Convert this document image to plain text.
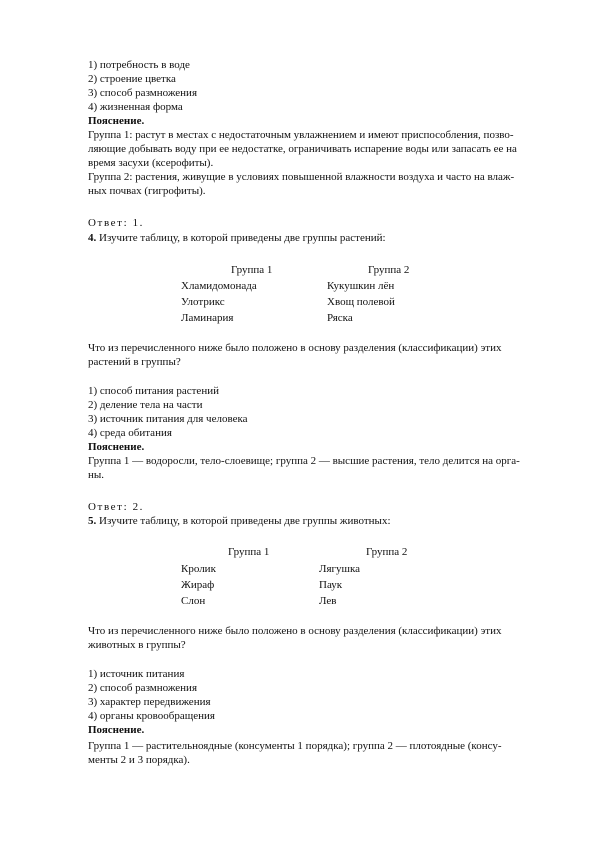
1) потребность в воде
2) строение цветка
3) способ размножения
4) жизненная форма
Пояснение.
Группа 1: растут в местах с недостаточным увлажнением и имеют приспособления, позво-
ляющие добывать воду при ее недостатке, ограничивать испарение воды или запасать ее на
время засухи (ксерофиты).
Группа 2: растения, живущие в условиях повышенной влажности воздуха и часто на влаж-
ных почвах (гигрофиты).
Ответ: 1.
4. Изучите таблицу, в которой приведены две группы растений:
Группа 1	Группа 2
Хламидомонада	Кукушкин лён
Улотрикс	Хвощ полевой
Ламинария	Ряска
Что из перечисленного ниже было положено в основу разделения (классификации) этих
растений в группы?
1) способ питания растений
2) деление тела на части
3) источник питания для человека
4) среда обитания
Пояснение.
Группа 1 — водоросли, тело-слоевище; группа 2 — высшие растения, тело делится на орга-
ны.
Ответ: 2.
5. Изучите таблицу, в которой приведены две группы животных:
Группа 1	Группа 2
Кролик	Лягушка
Жираф	Паук
Слон	Лев
Что из перечисленного ниже было положено в основу разделения (классификации) этих
животных в группы?
1) источник питания
2) способ размножения
3) характер передвижения
4) органы кровообращения
Пояснение.
Группа 1 — растительноядные (консументы 1 порядка); группа 2 — плотоядные (консу-
менты 2 и 3 порядка).
